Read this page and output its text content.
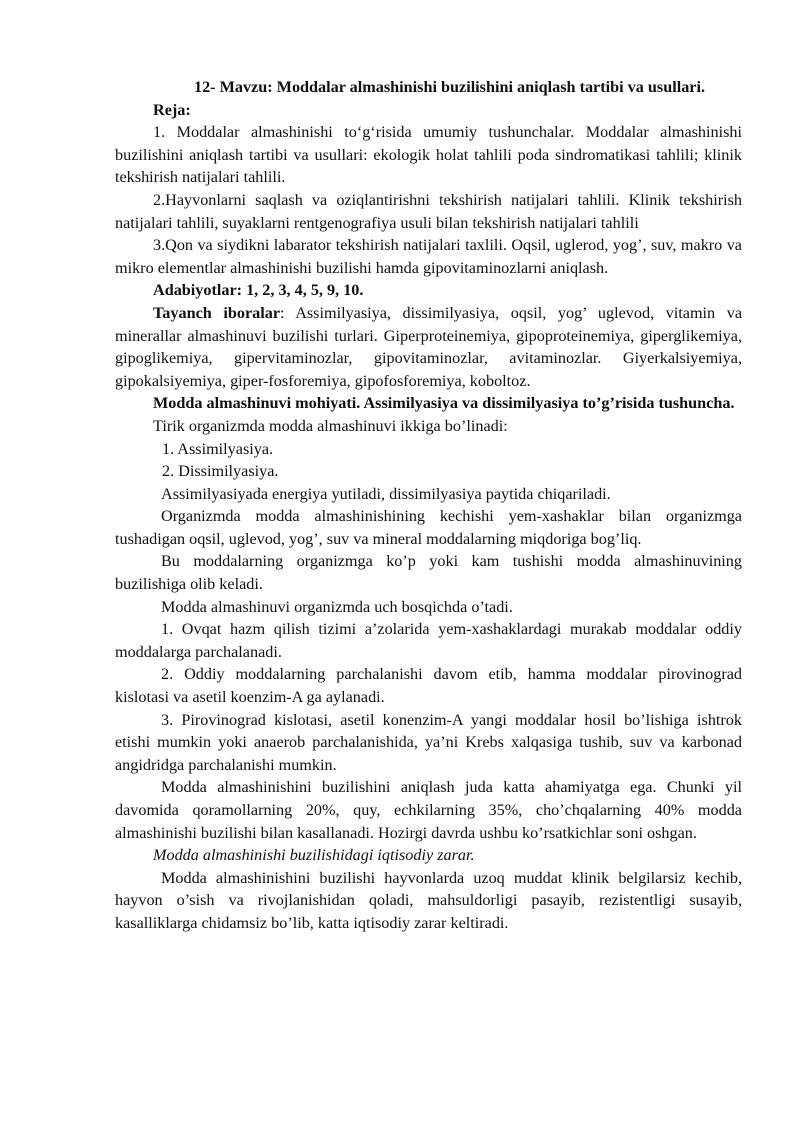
12- Mavzu: Moddalar almashinishi buzilishini aniqlash tartibi va usullari.

Reja:

1. Moddalar almashinishi to‘g‘risida umumiy tushunchalar. Moddalar almashinishi buzilishini aniqlash tartibi va usullari: ekologik holat tahlili poda sindromatikasi tahlili; klinik tekshirish natijalari tahlili.

2.Hayvonlarni saqlash va oziqlantirishni tekshirish natijalari tahlili. Klinik tekshirish natijalari tahlili, suyaklarni rentgenografiya usuli bilan tekshirish natijalari tahlili

3.Qon va siydikni labarator tekshirish natijalari taxlili. Oqsil, uglerod, yog’, suv, makro va mikro elementlar almashinishi buzilishi hamda gipovitaminozlarni aniqlash.

Adabiyotlar: 1, 2, 3, 4, 5, 9, 10.

Tayanch iboralar: Assimilyasiya, dissimilyasiya, oqsil, yog’ uglevod, vitamin va minerallar almashinuvi buzilishi turlari. Giperproteinemiya, gipoproteinemiya, giperglikemiya, gipoglikemiya, gipervitaminozlar, gipovitaminozlar, avitaminozlar. Giyerkalsiyemiya, gipokalsiyemiya, giper-fosforemiya, gipofosforemiya, koboltoz.

Modda almashinuvi mohiyati. Assimilyasiya va dissimilyasiya to’g’risida tushuncha.

Tirik organizmda modda almashinuvi ikkiga bo’linadi:

1. Assimilyasiya.

2. Dissimilyasiya.

Assimilyasiyada energiya yutiladi, dissimilyasiya paytida chiqariladi.

Organizmda modda almashinishining kechishi yem-xashaklar bilan organizmga tushadigan oqsil, uglevod, yog’, suv va mineral moddalarning miqdoriga bog’liq.

Bu moddalarning organizmga ko’p yoki kam tushishi modda almashinuvining buzilishiga olib keladi.

Modda almashinuvi organizmda uch bosqichda o’tadi.

1. Ovqat hazm qilish tizimi a’zolarida yem-xashaklardagi murakab moddalar oddiy moddalarga parchalanadi.

2. Oddiy moddalarning parchalanishi davom etib, hamma moddalar pirovinograd kislotasi va asetil koenzim-A ga aylanadi.

3. Pirovinograd kislotasi, asetil konenzim-A yangi moddalar hosil bo’lishiga ishtrok etishi mumkin yoki anaerob parchalanishida, ya’ni Krebs xalqasiga tushib, suv va karbonad angidridga parchalanishi mumkin.

Modda almashinishini buzilishini aniqlash juda katta ahamiyatga ega. Chunki yil davomida qoramollarning 20%, quy, echkilarning 35%, cho’chqalarning 40% modda almashinishi buzilishi bilan kasallanadi. Hozirgi davrda ushbu ko’rsatkichlar soni oshgan.

Modda almashinishi buzilishidagi iqtisodiy zarar.

Modda almashinishini buzilishi hayvonlarda uzoq muddat klinik belgilarsiz kechib, hayvon o’sish va rivojlanishidan qoladi, mahsuldorligi pasayib, rezistentligi susayib, kasalliklarga chidamsiz bo’lib, katta iqtisodiy zarar keltiradi.
